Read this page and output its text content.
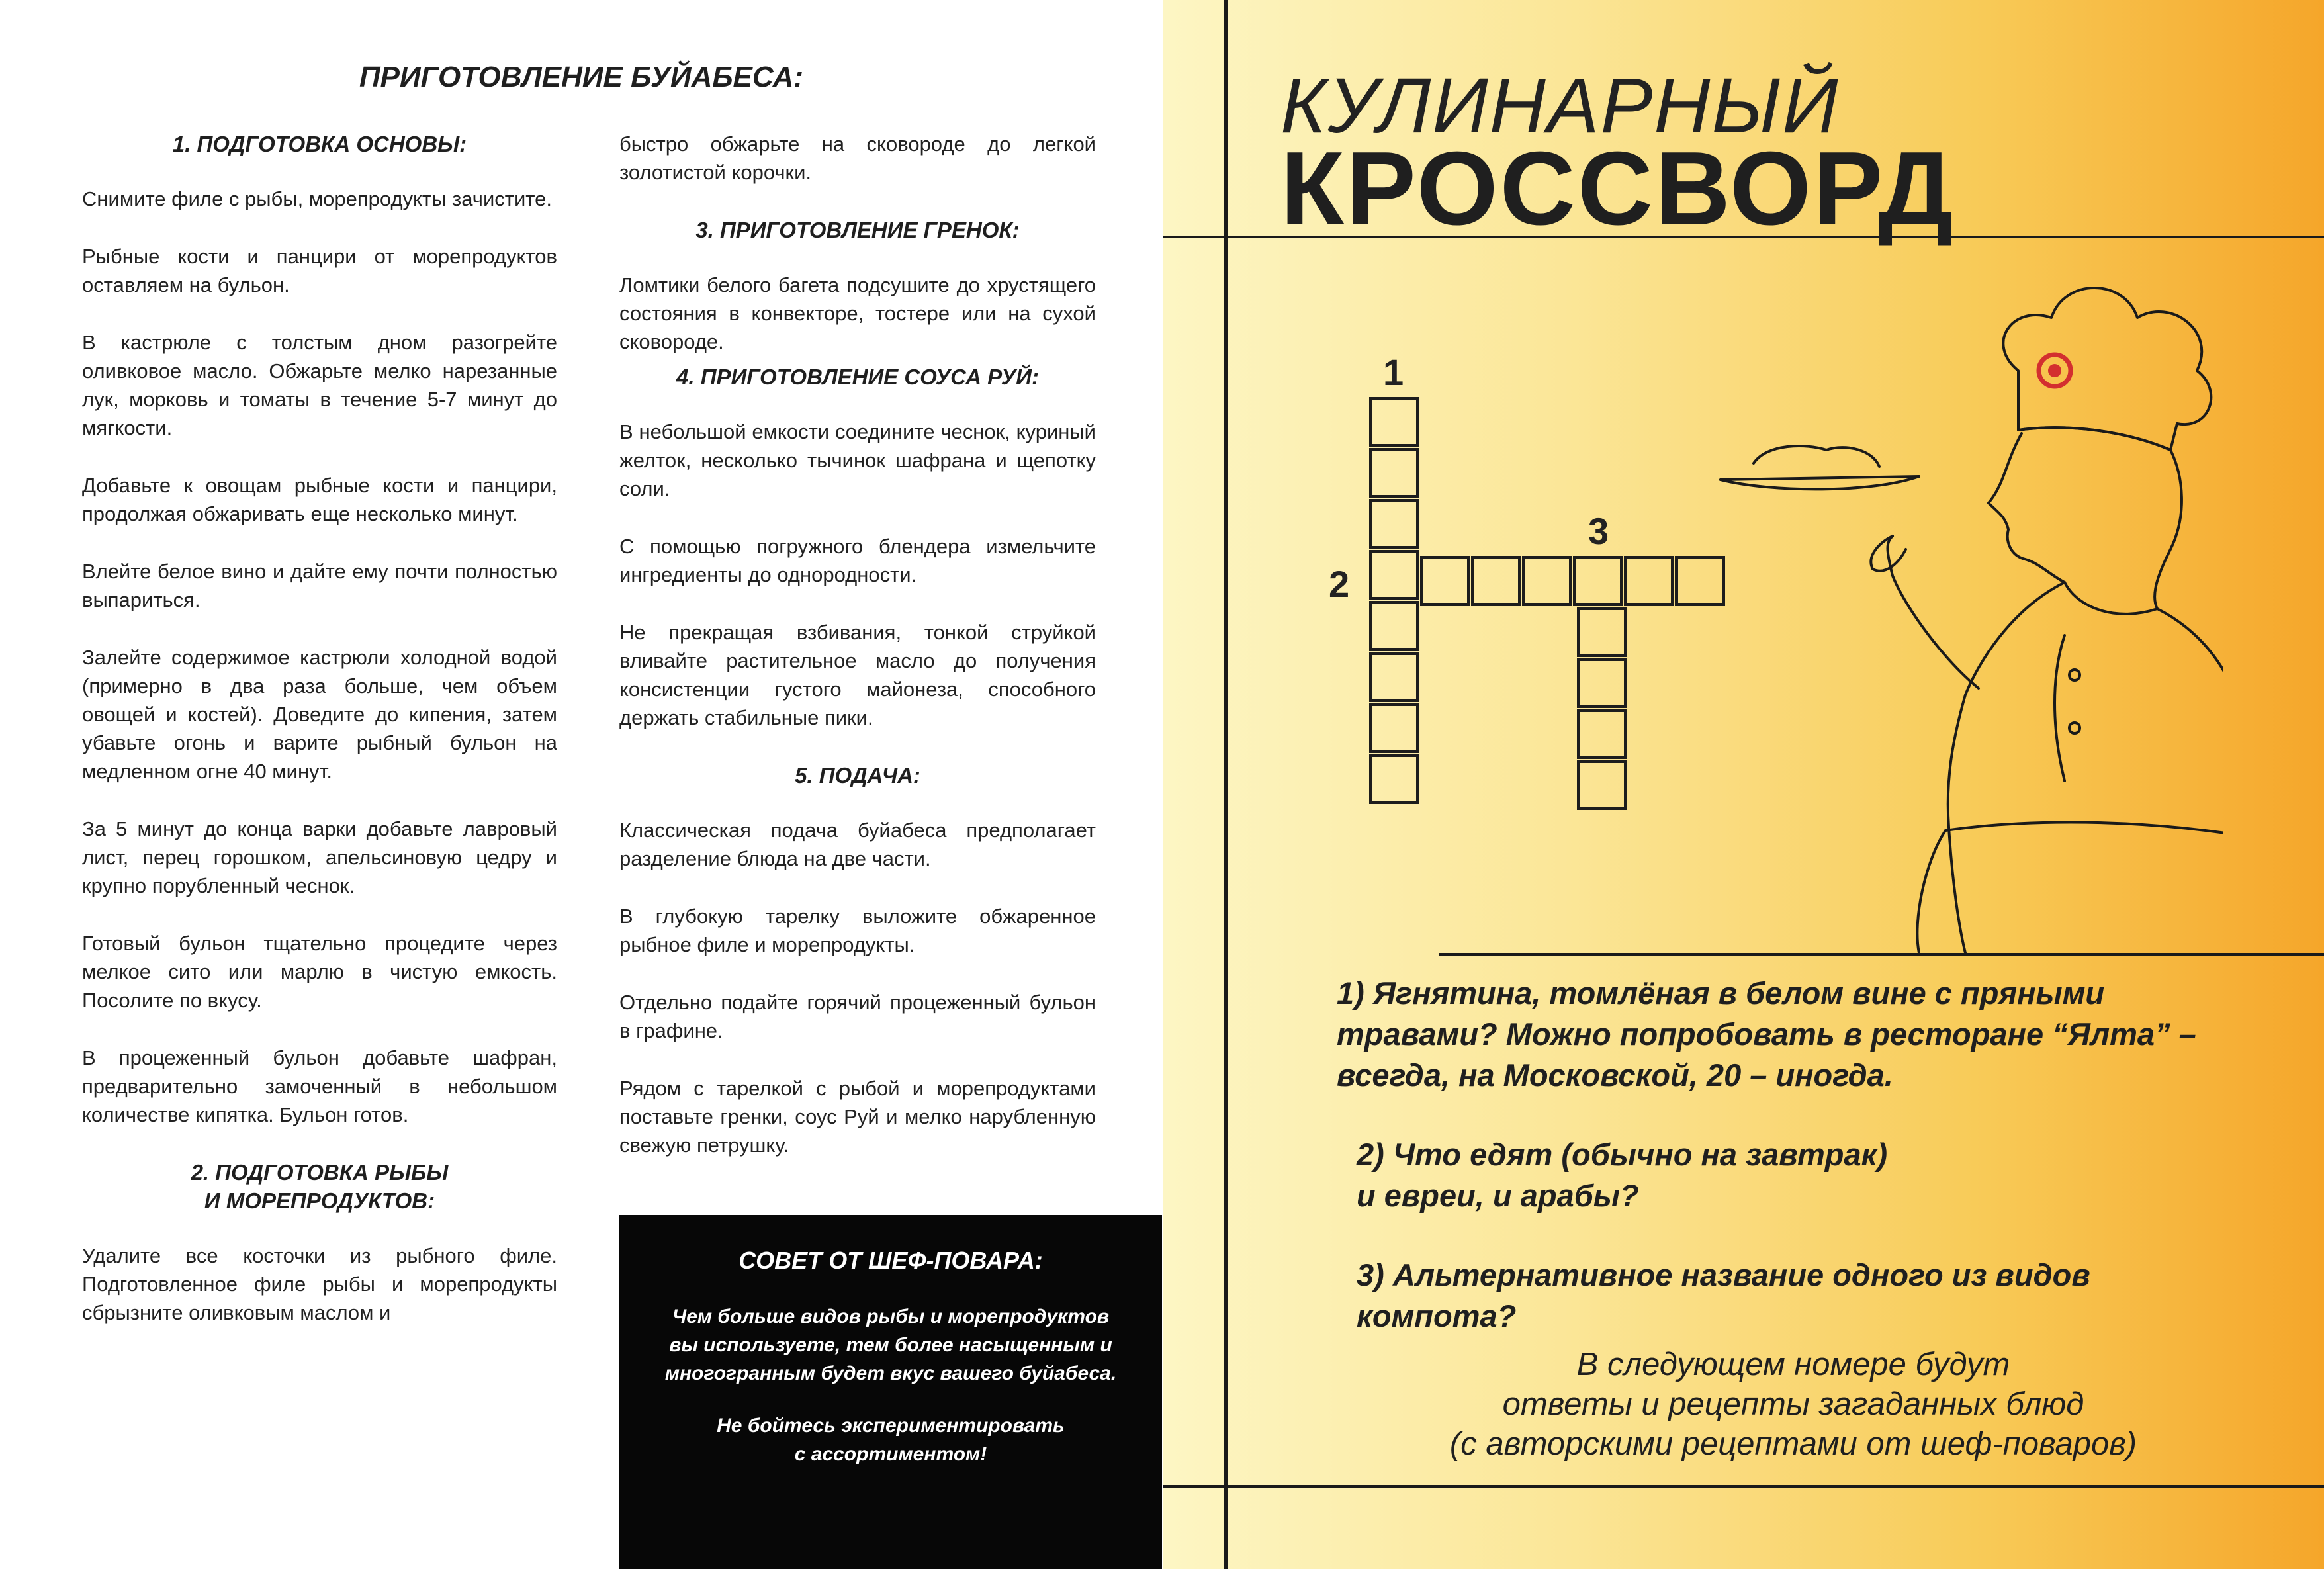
ПРИГОТОВЛЕНИЕ БУЙАБЕСА:
1. ПОДГОТОВКА ОСНОВЫ:

Снимите филе с рыбы, морепродукты зачистите.

Рыбные кости и панцири от морепродуктов оставляем на бульон.

В кастрюле с толстым дном разогрейте оливковое масло. Обжарьте мелко нарезанные лук, морковь и томаты в течение 5-7 минут до мягкости.

Добавьте к овощам рыбные кости и панцири, продолжая обжаривать еще несколько минут.

Влейте белое вино и дайте ему почти полностью выпариться.

Залейте содержимое кастрюли холодной водой (примерно в два раза больше, чем объем овощей и костей). Доведите до кипения, затем убавьте огонь и варите рыбный бульон на медленном огне 40 минут.

За 5 минут до конца варки добавьте лавровый лист, перец горошком, апельсиновую цедру и крупно порубленный чеснок.

Готовый бульон тщательно процедите через мелкое сито или марлю в чистую емкость. Посолите по вкусу.

В процеженный бульон добавьте шафран, предварительно замоченный в небольшом количестве кипятка. Бульон готов.

2. ПОДГОТОВКА РЫБЫ
И МОРЕПРОДУКТОВ:

Удалите все косточки из рыбного филе. Подготовленное филе рыбы и морепродукты сбрызните оливковым маслом и

быстро обжарьте на сковороде до легкой золотистой корочки.

3. ПРИГОТОВЛЕНИЕ ГРЕНОК:

Ломтики белого багета подсушите до хрустящего состояния в конвекторе, тостере или на сухой сковороде.

4. ПРИГОТОВЛЕНИЕ СОУСА РУЙ:

В небольшой емкости соедините чеснок, куриный желток, несколько тычинок шафрана и щепотку соли.

С помощью погружного блендера измельчите ингредиенты до однородности.

Не прекращая взбивания, тонкой струйкой вливайте растительное масло до получения консистенции густого майонеза, способного держать стабильные пики.

5. ПОДАЧА:

Классическая подача буйабеса предполагает разделение блюда на две части.

В глубокую тарелку выложите обжаренное рыбное филе и морепродукты.

Отдельно подайте горячий процеженный бульон в графине.

Рядом с тарелкой с рыбой и морепродуктами поставьте гренки, соус Руй и мелко нарубленную свежую петрушку.

СОВЕТ ОТ ШЕФ-ПОВАРА:
Чем больше видов рыбы и морепродуктов вы используете, тем более насыщенным и многогранным будет вкус вашего буйабеса.
Не бойтесь экспериментировать
с ассортиментом!
КУЛИНАРНЫЙ
КРОССВОРД
1
2
3

1) Ягнятина, томлёная в белом вине с пряными травами? Можно попробовать в ресторане “Ялта” – всегда, на Московской, 20 – иногда.

2) Что едят (обычно на завтрак)
и евреи, и арабы?

3) Альтернативное название одного из видов компота?

В следующем номере будут
ответы и рецепты загаданных блюд
(с авторскими рецептами от шеф-поваров)
